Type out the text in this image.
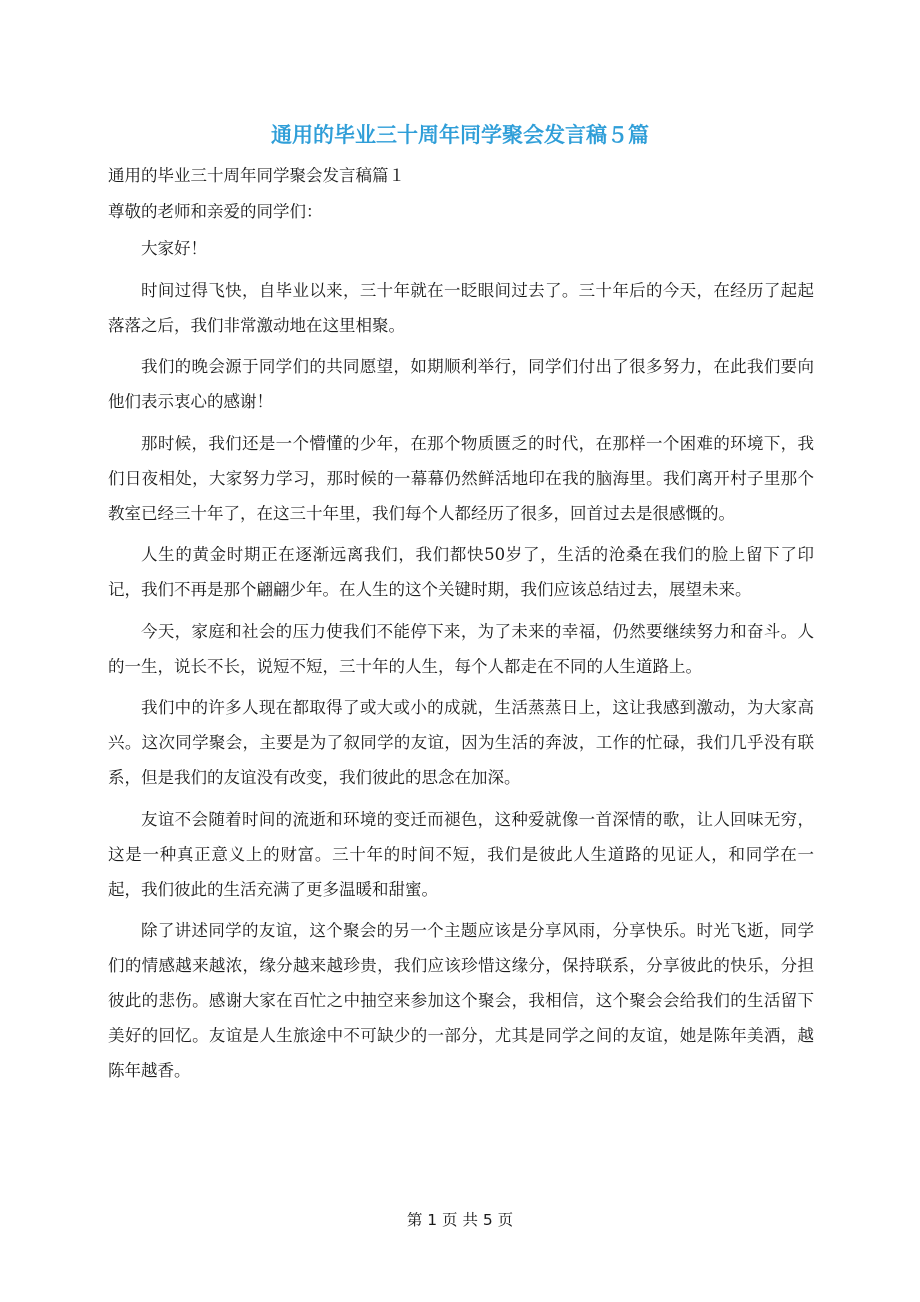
通用的毕业三十周年同学聚会发言稿５篇
通用的毕业三十周年同学聚会发言稿篇１
尊敬的老师和亲爱的同学们：

大家好！

时间过得飞快，自毕业以来，三十年就在一眨眼间过去了。三十年后的今天，在经历了起起落落之后，我们非常激动地在这里相聚。

我们的晚会源于同学们的共同愿望，如期顺利举行，同学们付出了很多努力，在此我们要向他们表示衷心的感谢！

那时候，我们还是一个懵懂的少年，在那个物质匮乏的时代，在那样一个困难的环境下，我们日夜相处，大家努力学习，那时候的一幕幕仍然鲜活地印在我的脑海里。我们离开村子里那个教室已经三十年了，在这三十年里，我们每个人都经历了很多，回首过去是很感慨的。

人生的黄金时期正在逐渐远离我们，我们都快50岁了，生活的沧桑在我们的脸上留下了印记，我们不再是那个翩翩少年。在人生的这个关键时期，我们应该总结过去，展望未来。

今天，家庭和社会的压力使我们不能停下来，为了未来的幸福，仍然要继续努力和奋斗。人的一生，说长不长，说短不短，三十年的人生，每个人都走在不同的人生道路上。

我们中的许多人现在都取得了或大或小的成就，生活蒸蒸日上，这让我感到激动，为大家高兴。这次同学聚会，主要是为了叙同学的友谊，因为生活的奔波，工作的忙碌，我们几乎没有联系，但是我们的友谊没有改变，我们彼此的思念在加深。

友谊不会随着时间的流逝和环境的变迁而褪色，这种爱就像一首深情的歌，让人回味无穷，这是一种真正意义上的财富。三十年的时间不短，我们是彼此人生道路的见证人，和同学在一起，我们彼此的生活充满了更多温暖和甜蜜。

除了讲述同学的友谊，这个聚会的另一个主题应该是分享风雨，分享快乐。时光飞逝，同学们的情感越来越浓，缘分越来越珍贵，我们应该珍惜这缘分，保持联系，分享彼此的快乐，分担彼此的悲伤。感谢大家在百忙之中抽空来参加这个聚会，我相信，这个聚会会给我们的生活留下美好的回忆。友谊是人生旅途中不可缺少的一部分，尤其是同学之间的友谊，她是陈年美酒，越陈年越香。

第 1 页 共 5 页
